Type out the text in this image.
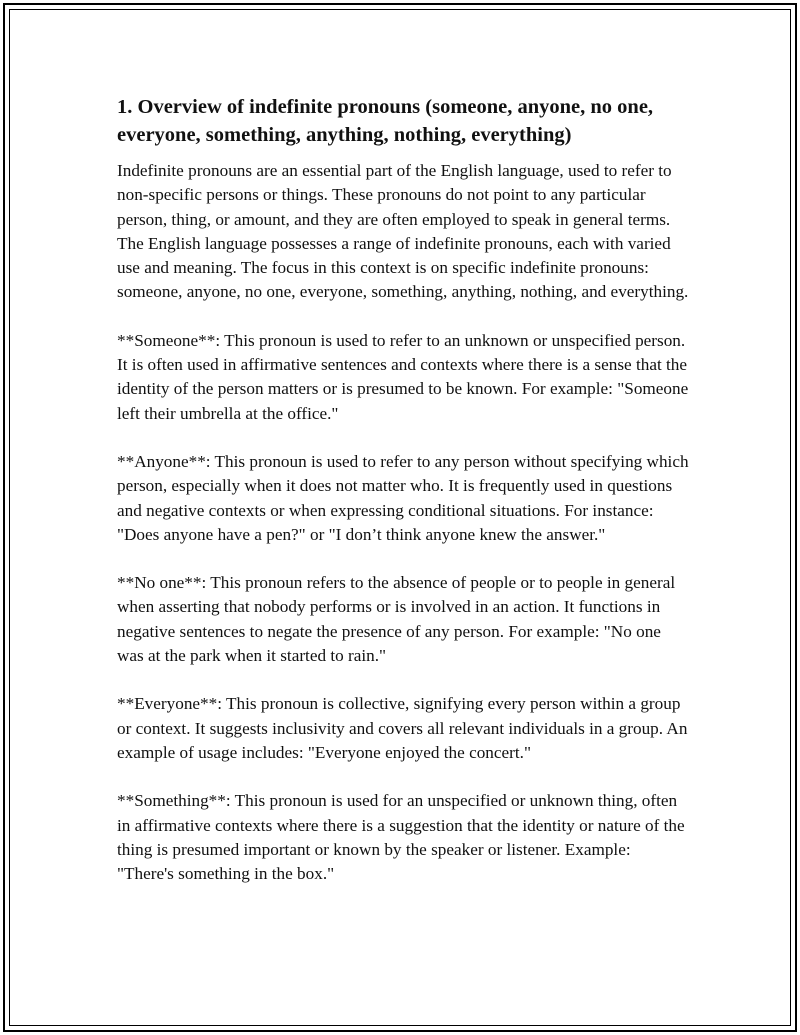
1. Overview of indefinite pronouns (someone, anyone, no one, everyone, something, anything, nothing, everything)

Indefinite pronouns are an essential part of the English language, used to refer to non-specific persons or things. These pronouns do not point to any particular person, thing, or amount, and they are often employed to speak in general terms. The English language possesses a range of indefinite pronouns, each with varied use and meaning. The focus in this context is on specific indefinite pronouns: someone, anyone, no one, everyone, something, anything, nothing, and everything.

**Someone**: This pronoun is used to refer to an unknown or unspecified person. It is often used in affirmative sentences and contexts where there is a sense that the identity of the person matters or is presumed to be known. For example: "Someone left their umbrella at the office."

**Anyone**: This pronoun is used to refer to any person without specifying which person, especially when it does not matter who. It is frequently used in questions and negative contexts or when expressing conditional situations. For instance: "Does anyone have a pen?" or "I don’t think anyone knew the answer."

**No one**: This pronoun refers to the absence of people or to people in general when asserting that nobody performs or is involved in an action. It functions in negative sentences to negate the presence of any person. For example: "No one was at the park when it started to rain."

**Everyone**: This pronoun is collective, signifying every person within a group or context. It suggests inclusivity and covers all relevant individuals in a group. An example of usage includes: "Everyone enjoyed the concert."

**Something**: This pronoun is used for an unspecified or unknown thing, often in affirmative contexts where there is a suggestion that the identity or nature of the thing is presumed important or known by the speaker or listener. Example: "There's something in the box."
